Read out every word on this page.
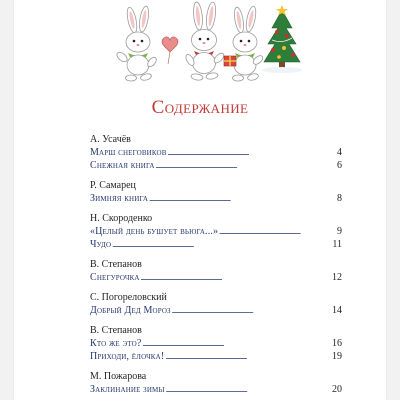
Содержание
А. Усачёв
Марш снеговиков . . .	4
Снежная книга . . .	6
Р. Самарец
Зимняя книга . . .	8
Н. Скороденко
«Целый день бушует вьюга...» . . .	9
Чудо . . .	11
В. Степанов
Снегурочка . . .	12
С. Погореловский
Добрый Дед Мороз . . .	14
В. Степанов
Кто же это? . . .	16
Приходи, ёлочка! . . .	19
М. Пожарова
Заклинание зимы . . .	20
